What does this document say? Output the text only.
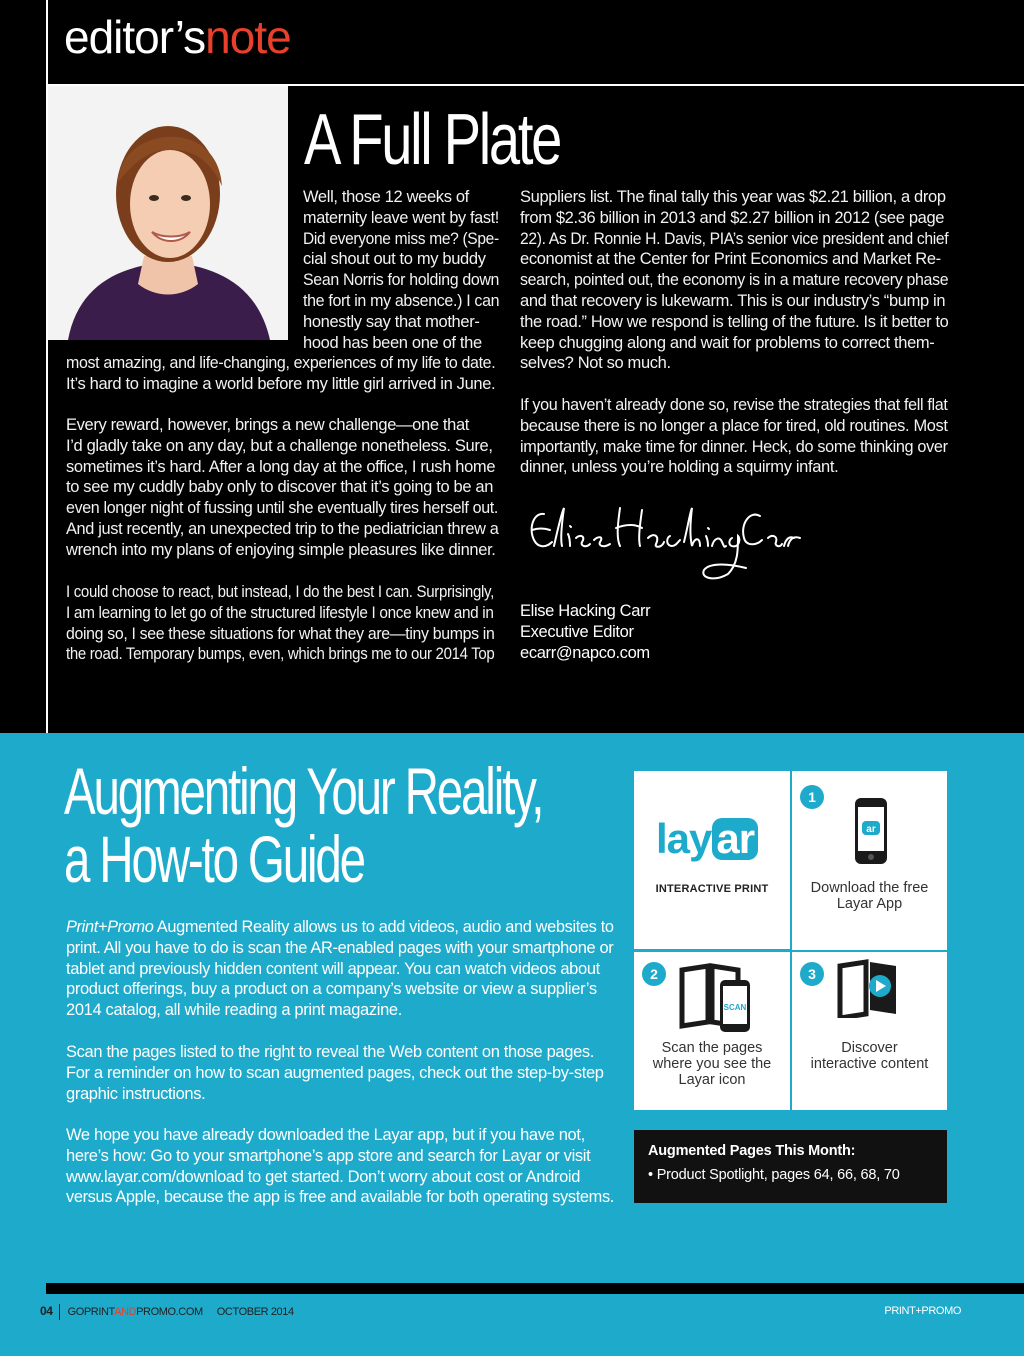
editor’snote
A Full Plate
Well, those 12 weeks of
maternity leave went by fast!
Did everyone miss me? (Spe-
cial shout out to my buddy
Sean Norris for holding down
the fort in my absence.) I can
honestly say that mother-
hood has been one of the
most amazing, and life-changing, experiences of my life to date.
It’s hard to imagine a world before my little girl arrived in June.
Every reward, however, brings a new challenge—one that
I’d gladly take on any day, but a challenge nonetheless. Sure,
sometimes it’s hard. After a long day at the office, I rush home
to see my cuddly baby only to discover that it’s going to be an
even longer night of fussing until she eventually tires herself out.
And just recently, an unexpected trip to the pediatrician threw a
wrench into my plans of enjoying simple pleasures like dinner.
I could choose to react, but instead, I do the best I can. Surprisingly,
I am learning to let go of the structured lifestyle I once knew and in
doing so, I see these situations for what they are—tiny bumps in
the road. Temporary bumps, even, which brings me to our 2014 Top
Suppliers list. The final tally this year was $2.21 billion, a drop
from $2.36 billion in 2013 and $2.27 billion in 2012 (see page
22). As Dr. Ronnie H. Davis, PIA’s senior vice president and chief
economist at the Center for Print Economics and Market Re-
search, pointed out, the economy is in a mature recovery phase
and that recovery is lukewarm. This is our industry’s “bump in
the road.” How we respond is telling of the future. Is it better to
keep chugging along and wait for problems to correct them-
selves? Not so much.
If you haven’t already done so, revise the strategies that fell flat
because there is no longer a place for tired, old routines. Most
importantly, make time for dinner. Heck, do some thinking over
dinner, unless you’re holding a squirmy infant.
Elise Hacking Carr
Executive Editor
ecarr@napco.com
Augmenting Your Reality,
a How-to Guide
Print+Promo Augmented Reality allows us to add videos, audio and websites to
print. All you have to do is scan the AR-enabled pages with your smartphone or
tablet and previously hidden content will appear. You can watch videos about
product offerings, buy a product on a company’s website or view a supplier’s
2014 catalog, all while reading a print magazine.
Scan the pages listed to the right to reveal the Web content on those pages.
For a reminder on how to scan augmented pages, check out the step-by-step
graphic instructions.
We hope you have already downloaded the Layar app, but if you have not,
here’s how: Go to your smartphone’s app store and search for Layar or visit
www.layar.com/download to get started. Don’t worry about cost or Android
versus Apple, because the app is free and available for both operating systems.
lay ar
INTERACTIVE PRINT
1
ar
Download the free
Layar App
2
SCAN
Scan the pages
where you see the
Layar icon
3
Discover
interactive content
Augmented Pages This Month:
• Product Spotlight, pages 64, 66, 68, 70
04 GOPRINTANDPROMO.COM OCTOBER 2014	PRINT+PROMO
